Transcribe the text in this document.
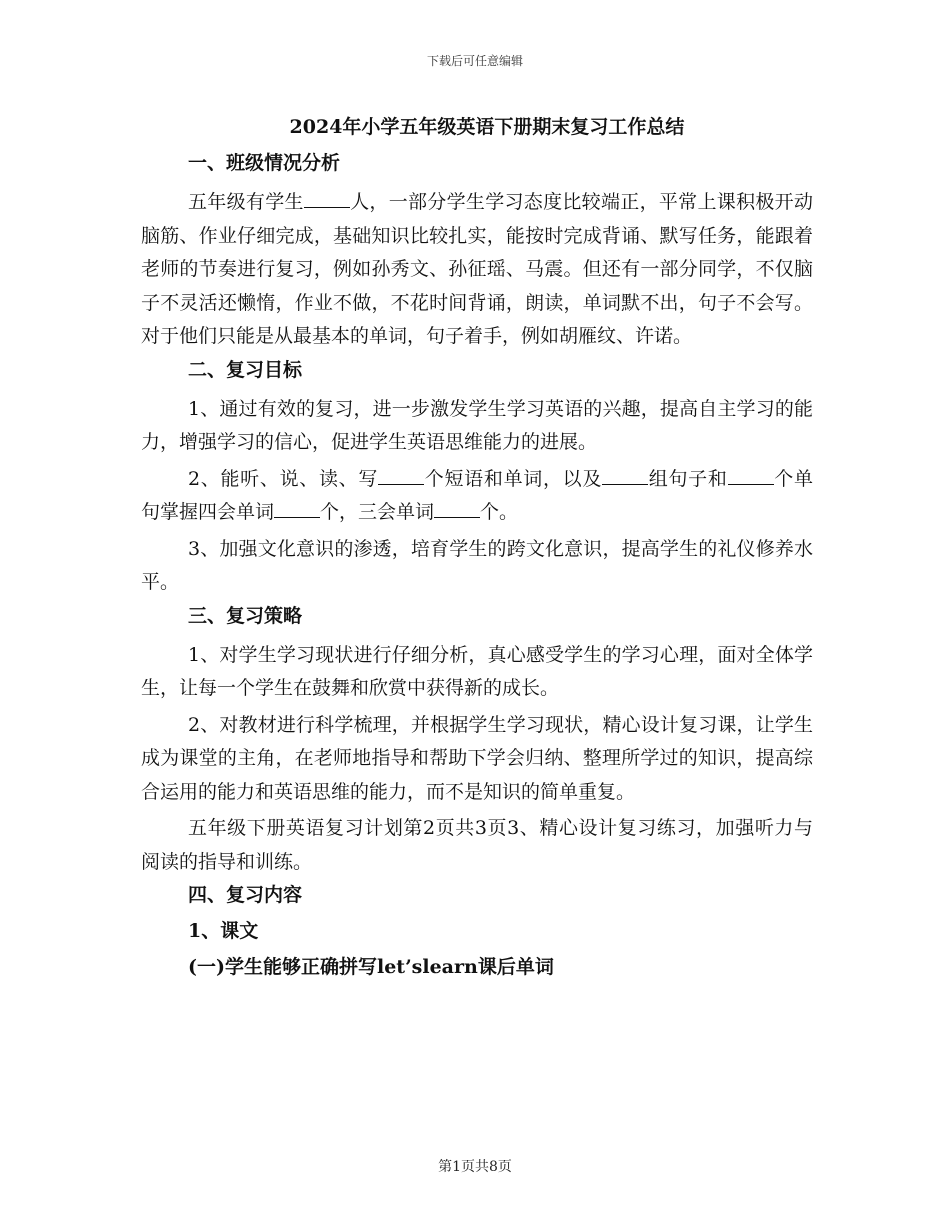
下载后可任意编辑
2024年小学五年级英语下册期末复习工作总结
一、班级情况分析

五年级有学生 人，一部分学生学习态度比较端正，平常上课积极开动脑筋、作业仔细完成，基础知识比较扎实，能按时完成背诵、默写任务，能跟着老师的节奏进行复习，例如孙秀文、孙征瑶、马震。但还有一部分同学，不仅脑子不灵活还懒惰，作业不做，不花时间背诵，朗读，单词默不出，句子不会写。对于他们只能是从最基本的单词，句子着手，例如胡雁纹、许诺。

二、复习目标

1、通过有效的复习，进一步激发学生学习英语的兴趣，提高自主学习的能力，增强学习的信心，促进学生英语思维能力的进展。

2、能听、说、读、写 个短语和单词，以及 组句子和 个单句掌握四会单词 个，三会单词 个。

3、加强文化意识的渗透，培育学生的跨文化意识，提高学生的礼仪修养水平。

三、复习策略

1、对学生学习现状进行仔细分析，真心感受学生的学习心理，面对全体学生，让每一个学生在鼓舞和欣赏中获得新的成长。

2、对教材进行科学梳理，并根据学生学习现状，精心设计复习课，让学生成为课堂的主角，在老师地指导和帮助下学会归纳、整理所学过的知识，提高综合运用的能力和英语思维的能力，而不是知识的简单重复。

五年级下册英语复习计划第2页共3页3、精心设计复习练习，加强听力与阅读的指导和训练。

四、复习内容
1、课文
(一)学生能够正确拼写let’slearn课后单词
第1页共8页
